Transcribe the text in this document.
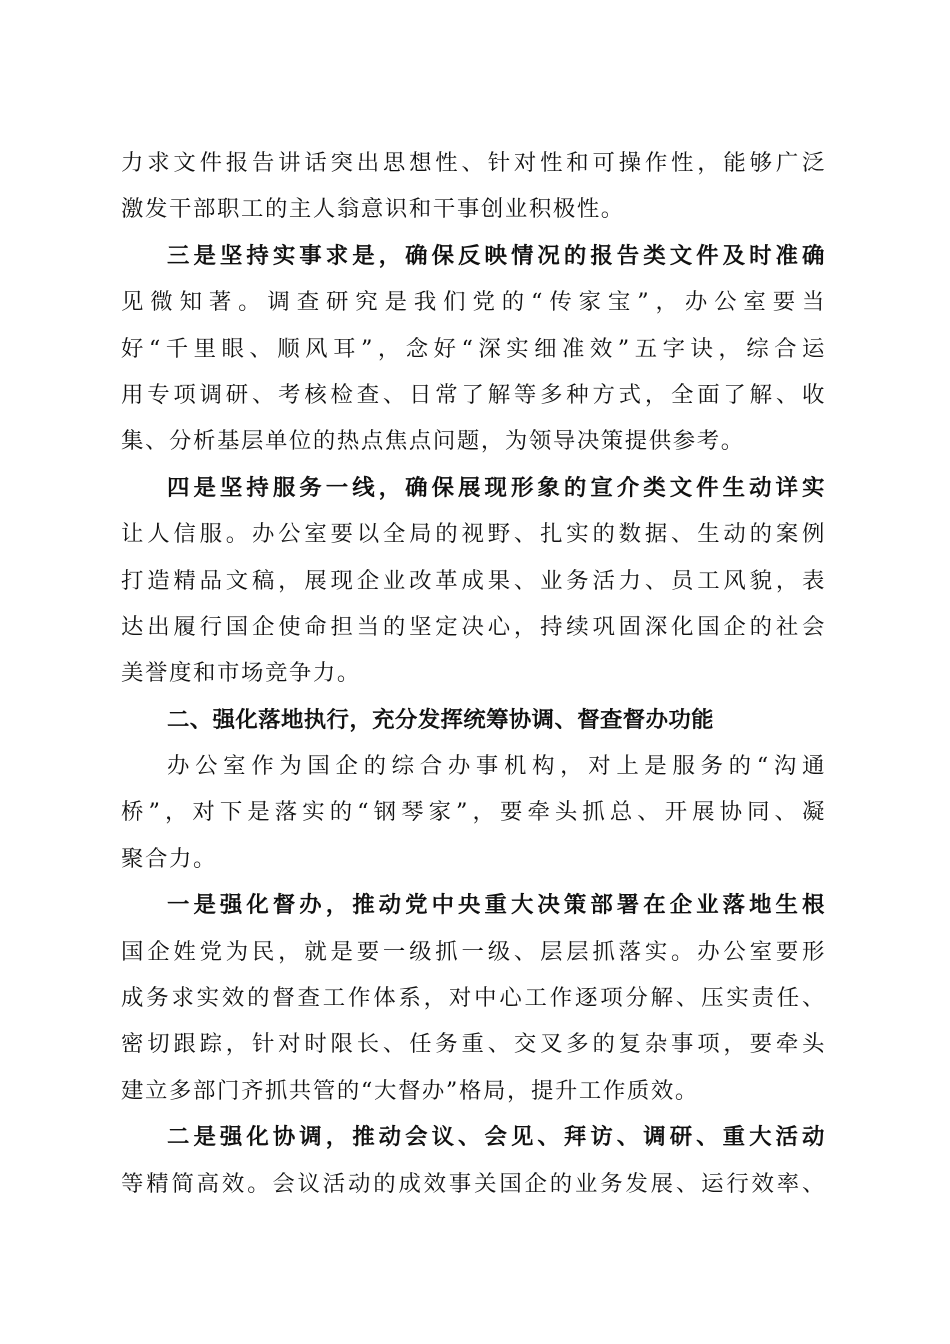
力求文件报告讲话突出思想性、针对性和可操作性，能够广泛
激发干部职工的主人翁意识和干事创业积极性。
三是坚持实事求是，确保反映情况的报告类文件及时准确
见微知著。调查研究是我们党的“传家宝”，办公室要当
好“千里眼、顺风耳”，念好“深实细准效”五字诀，综合运
用专项调研、考核检查、日常了解等多种方式，全面了解、收
集、分析基层单位的热点焦点问题，为领导决策提供参考。
四是坚持服务一线，确保展现形象的宣介类文件生动详实
让人信服。办公室要以全局的视野、扎实的数据、生动的案例
打造精品文稿，展现企业改革成果、业务活力、员工风貌，表
达出履行国企使命担当的坚定决心，持续巩固深化国企的社会
美誉度和市场竞争力。
二、强化落地执行，充分发挥统筹协调、督查督办功能
办公室作为国企的综合办事机构，对上是服务的“沟通
桥”，对下是落实的“钢琴家”，要牵头抓总、开展协同、凝
聚合力。
一是强化督办，推动党中央重大决策部署在企业落地生根
国企姓党为民，就是要一级抓一级、层层抓落实。办公室要形
成务求实效的督查工作体系，对中心工作逐项分解、压实责任、
密切跟踪，针对时限长、任务重、交叉多的复杂事项，要牵头
建立多部门齐抓共管的“大督办”格局，提升工作质效。
二是强化协调，推动会议、会见、拜访、调研、重大活动
等精简高效。会议活动的成效事关国企的业务发展、运行效率、
